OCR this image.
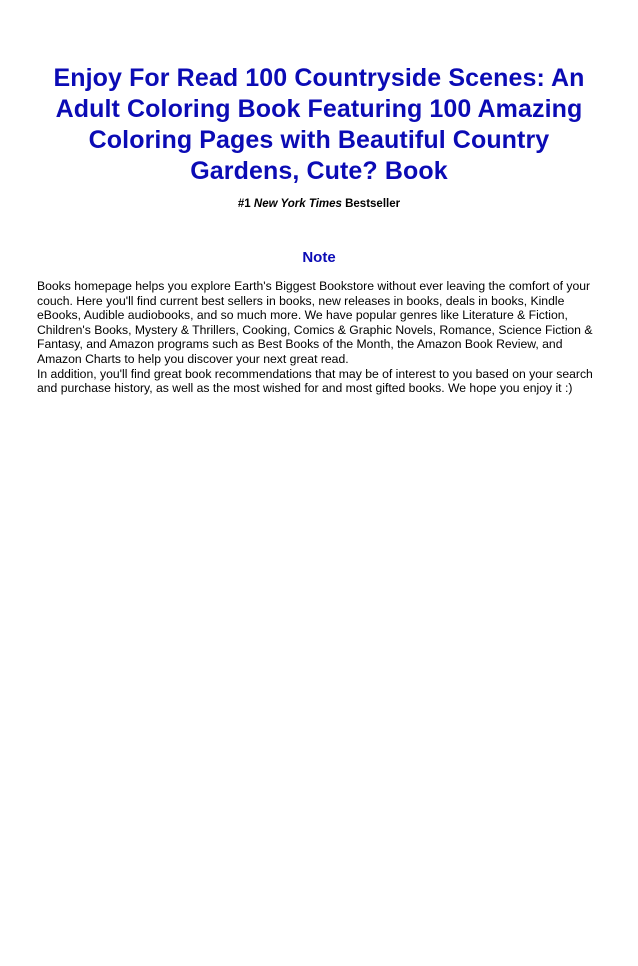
Enjoy For Read 100 Countryside Scenes: An Adult Coloring Book Featuring 100 Amazing Coloring Pages with Beautiful Country Gardens, Cute? Book
#1 New York Times Bestseller
Note

Books homepage helps you explore Earth's Biggest Bookstore without ever leaving the comfort of your couch. Here you'll find current best sellers in books, new releases in books, deals in books, Kindle eBooks, Audible audiobooks, and so much more. We have popular genres like Literature & Fiction, Children's Books, Mystery & Thrillers, Cooking, Comics & Graphic Novels, Romance, Science Fiction & Fantasy, and Amazon programs such as Best Books of the Month, the Amazon Book Review, and Amazon Charts to help you discover your next great read.

In addition, you'll find great book recommendations that may be of interest to you based on your search and purchase history, as well as the most wished for and most gifted books. We hope you enjoy it :)
